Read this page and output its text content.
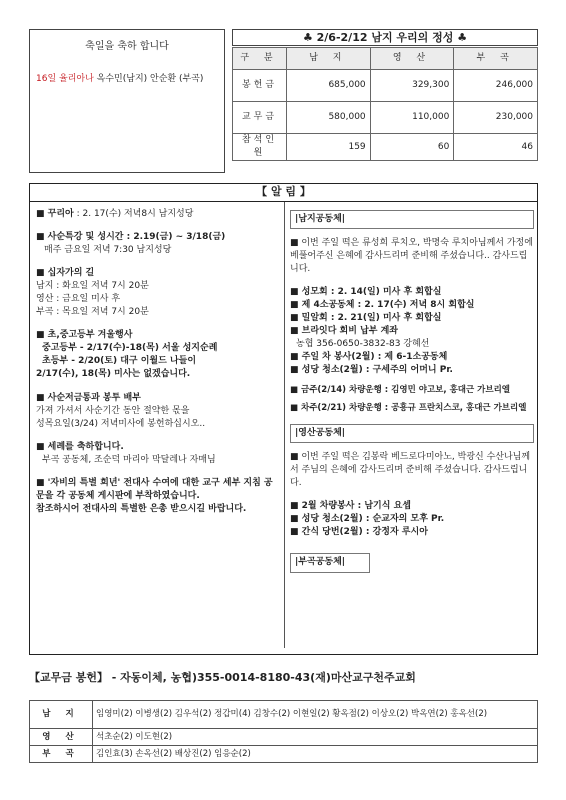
축일을 축하 합니다
16일 율리아나 옥수민(남지) 안순환 (부곡)
♣ 2/6-2/12 남지 우리의 정성 ♣
구 분	남 지	영 산	부 곡
봉헌금	685,000	329,300	246,000
교무금	580,000	110,000	230,000
참석인원	159	60	46
【 알 림 】
■ 꾸리아 : 2. 17(수) 저녁8시 남지성당
■ 사순특강 및 성시간 : 2.19(금) ~ 3/18(금)
매주 금요일 저녁 7:30 남지성당
■ 십자가의 길
남지 : 화요일 저녁 7시 20분
영산 : 금요일 미사 후
부곡 : 목요일 저녁 7시 20분
■ 초,중고등부 겨울행사
중고등부 - 2/17(수)-18(목) 서울 성지순례
초등부 - 2/20(토) 대구 이월드 나들이
2/17(수), 18(목) 미사는 없겠습니다.
■ 사순저금통과 봉투 배부
가져 가셔서 사순기간 동안 절약한 몫을
성목요일(3/24) 저녁미사에 봉헌하십시오..
■ 세례를 축하합니다.
부곡 공동체, 조순덕 마리아 막달레나 자매님
■ '자비의 특별 희년' 전대사 수여에 대한 교구 세부 지침 공문을 각 공동체 게시판에 부착하였습니다.
참조하시어 전대사의 특별한 은총 받으시길 바랍니다.
|남지공동체|
■ 이번 주일 떡은 류성희 루치오, 박명숙 루치아님께서 가정에 베풀어주신 은혜에 감사드리며 준비해 주셨습니다.. 감사드립니다.
■ 성모회 : 2. 14(일) 미사 후 회합실
■ 제 4소공동체 : 2. 17(수) 저녁 8시 회합실
■ 밀알회 : 2. 21(일) 미사 후 회합실
■ 브라잇다 회비 납부 계좌
농협 356-0650-3832-83 강혜선
■ 주일 차 봉사(2월) : 제 6-1소공동체
■ 성당 청소(2월) : 구세주의 어머니 Pr.
■ 금주(2/14) 차량운행 : 김영민 야고보, 홍대근 가브리엘
■ 차주(2/21) 차량운행 : 공흥규 프란치스코, 홍대근 가브리엘
|영산공동체|
■ 이번 주일 떡은 김봉락 베드로다미아노, 박광신 수산나님께서 주님의 은혜에 감사드리며 준비해 주셨습니다. 감사드립니다.
■ 2월 차량봉사 : 남기식 요셉
■ 성당 청소(2월) : 순교자의 모후 Pr.
■ 간식 당번(2월) : 강정자 루시아
|부곡공동체|
【교무금 봉헌】 - 자동이체, 농협)355-0014-8180-43(재)마산교구천주교회
남 지	임영미(2) 이병생(2) 김우석(2) 정갑미(4) 김창수(2) 이현일(2) 황옥점(2) 이상오(2) 박옥연(2) 홍옥선(2)
영 산	석초순(2) 이도현(2)
부 곡	김인효(3) 손옥선(2) 배상진(2) 임응순(2)
